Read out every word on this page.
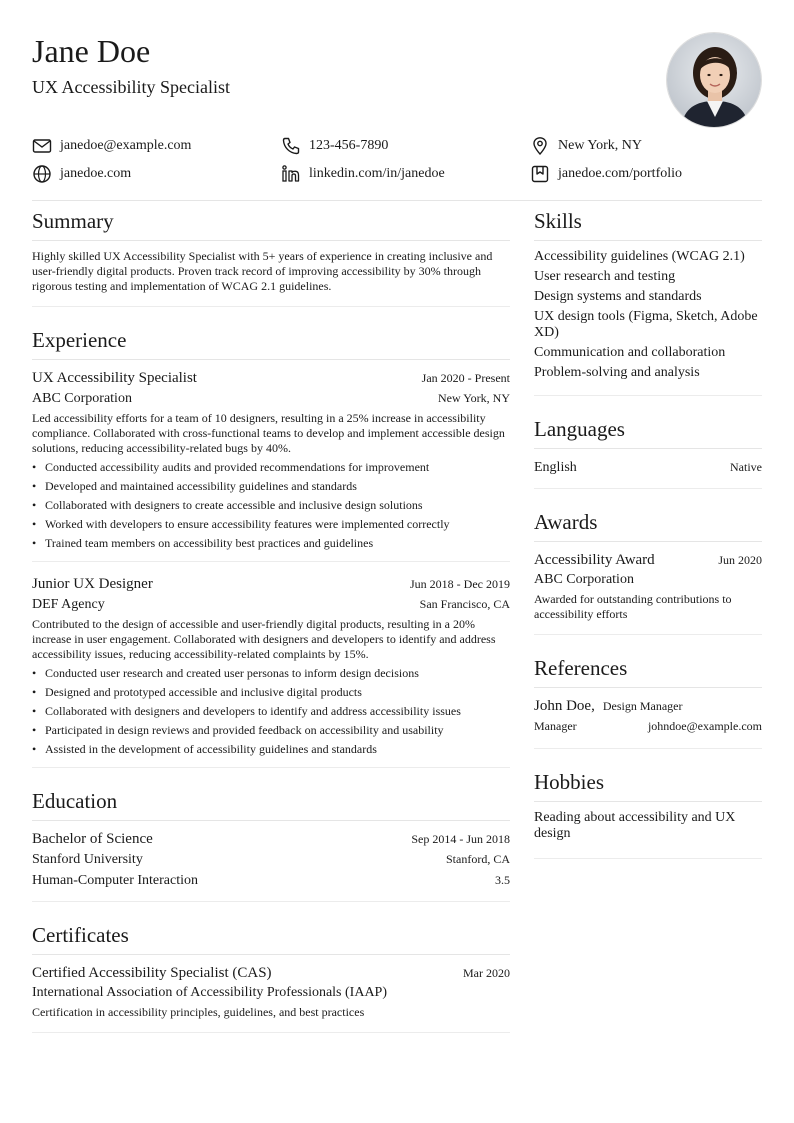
Jane Doe
UX Accessibility Specialist
janedoe@example.com	123-456-7890	New York, NY
janedoe.com	linkedin.com/in/janedoe	janedoe.com/portfolio
Summary
Highly skilled UX Accessibility Specialist with 5+ years of experience in creating inclusive and user-friendly digital products. Proven track record of improving accessibility by 30% through rigorous testing and implementation of WCAG 2.1 guidelines.
Experience
UX Accessibility Specialist	Jan 2020 - Present
ABC Corporation	New York, NY
Led accessibility efforts for a team of 10 designers, resulting in a 25% increase in accessibility compliance. Collaborated with cross-functional teams to develop and implement accessible design solutions, reducing accessibility-related bugs by 40%.
• Conducted accessibility audits and provided recommendations for improvement
• Developed and maintained accessibility guidelines and standards
• Collaborated with designers to create accessible and inclusive design solutions
• Worked with developers to ensure accessibility features were implemented correctly
• Trained team members on accessibility best practices and guidelines
Junior UX Designer	Jun 2018 - Dec 2019
DEF Agency	San Francisco, CA
Contributed to the design of accessible and user-friendly digital products, resulting in a 20% increase in user engagement. Collaborated with designers and developers to identify and address accessibility issues, reducing accessibility-related complaints by 15%.
• Conducted user research and created user personas to inform design decisions
• Designed and prototyped accessible and inclusive digital products
• Collaborated with designers and developers to identify and address accessibility issues
• Participated in design reviews and provided feedback on accessibility and usability
• Assisted in the development of accessibility guidelines and standards
Education
Bachelor of Science	Sep 2014 - Jun 2018
Stanford University	Stanford, CA
Human-Computer Interaction	3.5
Certificates
Certified Accessibility Specialist (CAS)	Mar 2020
International Association of Accessibility Professionals (IAAP)
Certification in accessibility principles, guidelines, and best practices
Skills
Accessibility guidelines (WCAG 2.1)
User research and testing
Design systems and standards
UX design tools (Figma, Sketch, Adobe XD)
Communication and collaboration
Problem-solving and analysis
Languages
English	Native
Awards
Accessibility Award	Jun 2020
ABC Corporation
Awarded for outstanding contributions to accessibility efforts
References
John Doe, Design Manager
Manager	johndoe@example.com
Hobbies
Reading about accessibility and UX design
